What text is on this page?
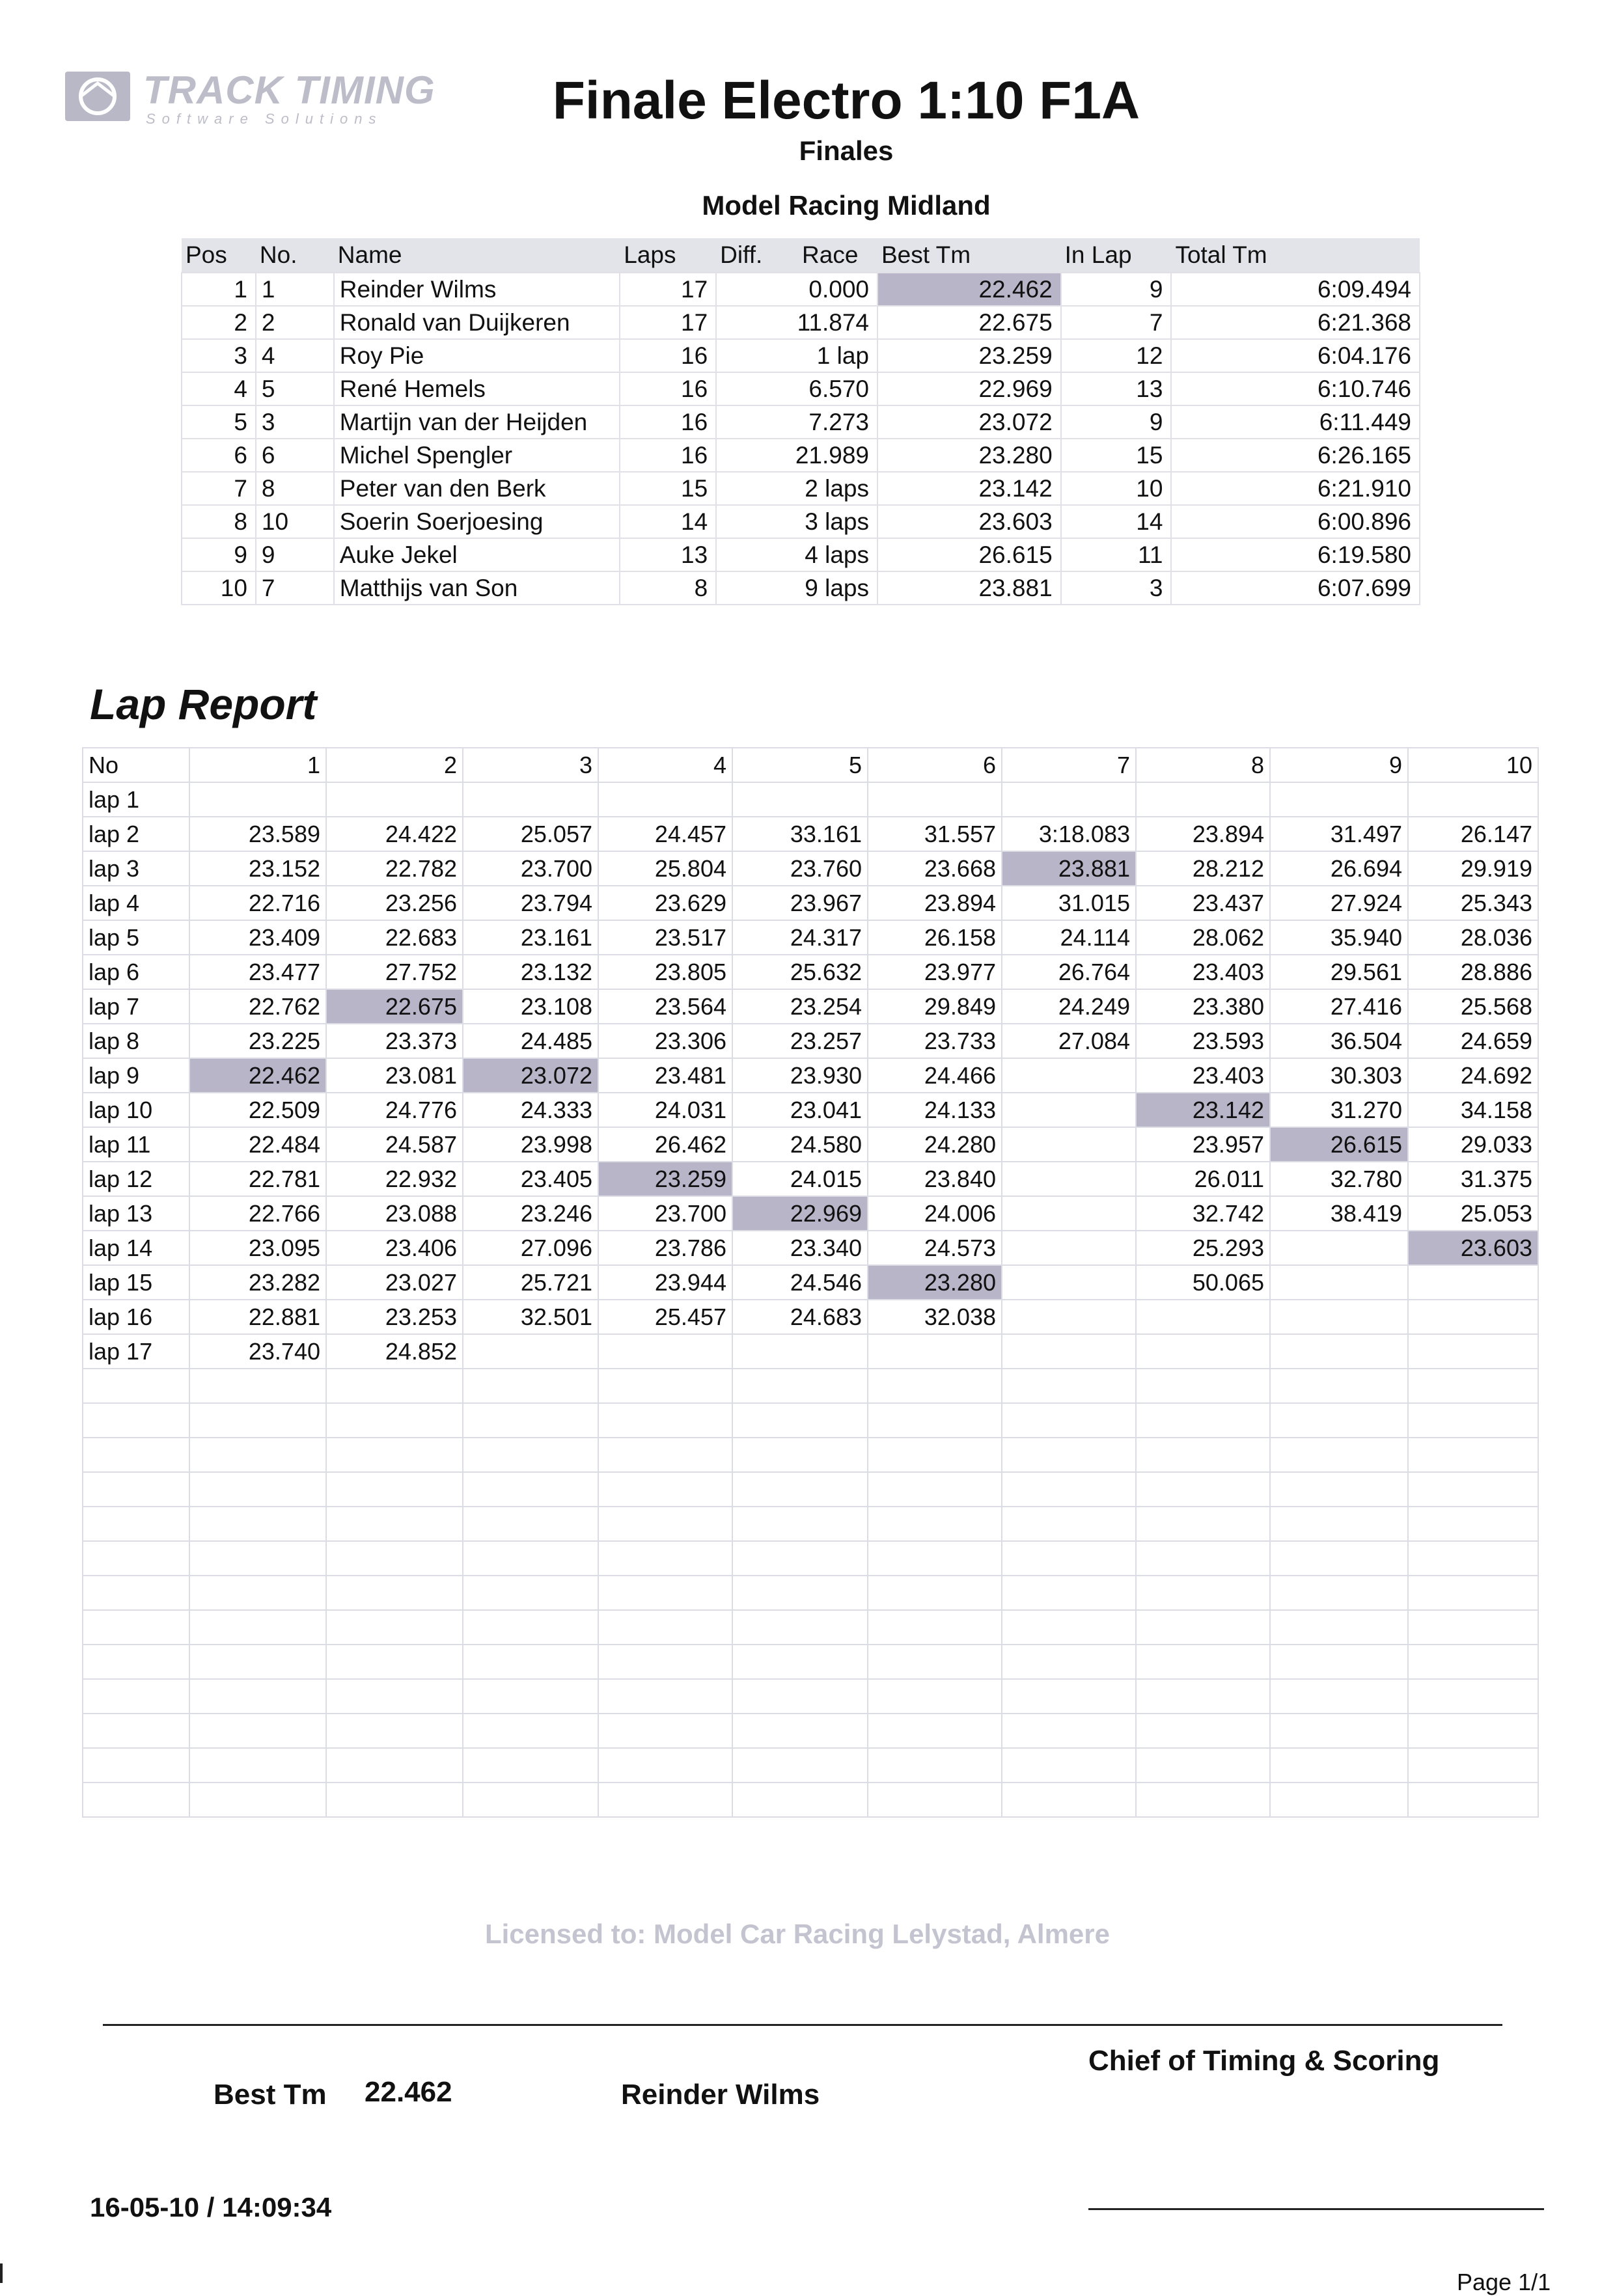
TRACK TIMING
Software Solutions	Finale Electro 1:10 F1A
Finales
Model Racing Midland
Pos	No.	Name	Laps	Diff.	Race	Best Tm	In Lap	Total Tm
1	1	Reinder Wilms	17	0.000		22.462	9	6:09.494
2	2	Ronald van Duijkeren	17	11.874		22.675	7	6:21.368
3	4	Roy Pie	16	1 lap		23.259	12	6:04.176
4	5	René Hemels	16	6.570		22.969	13	6:10.746
5	3	Martijn van der Heijden	16	7.273		23.072	9	6:11.449
6	6	Michel Spengler	16	21.989		23.280	15	6:26.165
7	8	Peter van den Berk	15	2 laps		23.142	10	6:21.910
8	10	Soerin Soerjoesing	14	3 laps		23.603	14	6:00.896
9	9	Auke Jekel	13	4 laps		26.615	11	6:19.580
10	7	Matthijs van Son	8	9 laps		23.881	3	6:07.699
Lap Report
No	1	2	3	4	5	6	7	8	9	10
lap 1										
lap 2	23.589	24.422	25.057	24.457	33.161	31.557	3:18.083	23.894	31.497	26.147
lap 3	23.152	22.782	23.700	25.804	23.760	23.668	23.881	28.212	26.694	29.919
lap 4	22.716	23.256	23.794	23.629	23.967	23.894	31.015	23.437	27.924	25.343
lap 5	23.409	22.683	23.161	23.517	24.317	26.158	24.114	28.062	35.940	28.036
lap 6	23.477	27.752	23.132	23.805	25.632	23.977	26.764	23.403	29.561	28.886
lap 7	22.762	22.675	23.108	23.564	23.254	29.849	24.249	23.380	27.416	25.568
lap 8	23.225	23.373	24.485	23.306	23.257	23.733	27.084	23.593	36.504	24.659
lap 9	22.462	23.081	23.072	23.481	23.930	24.466		23.403	30.303	24.692
lap 10	22.509	24.776	24.333	24.031	23.041	24.133		23.142	31.270	34.158
lap 11	22.484	24.587	23.998	26.462	24.580	24.280		23.957	26.615	29.033
lap 12	22.781	22.932	23.405	23.259	24.015	23.840		26.011	32.780	31.375
lap 13	22.766	23.088	23.246	23.700	22.969	24.006		32.742	38.419	25.053
lap 14	23.095	23.406	27.096	23.786	23.340	24.573		25.293		23.603
lap 15	23.282	23.027	25.721	23.944	24.546	23.280		50.065		
lap 16	22.881	23.253	32.501	25.457	24.683	32.038				
lap 17	23.740	24.852								

Licensed to: Model Car Racing Lelystad, Almere
Chief of Timing & Scoring
Best Tm 22.462	Reinder Wilms
16-05-10 / 14:09:34
Page 1/1
